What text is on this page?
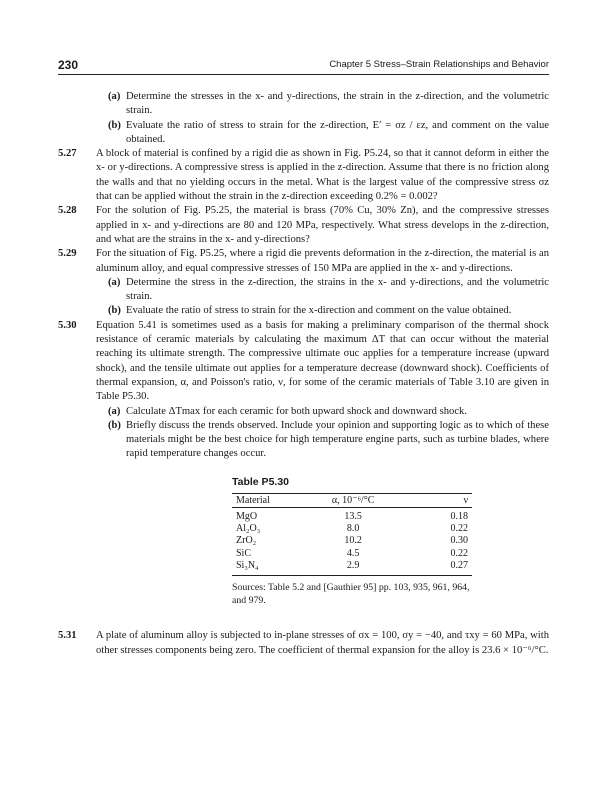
230	Chapter 5 Stress–Strain Relationships and Behavior
(a) Determine the stresses in the x- and y-directions, the strain in the z-direction, and the volumetric strain.

(b) Evaluate the ratio of stress to strain for the z-direction, E′ = σz / εz, and comment on the value obtained.

5.27 A block of material is confined by a rigid die as shown in Fig. P5.24, so that it cannot deform in either the x- or y-directions. A compressive stress is applied in the z-direction. Assume that there is no friction along the walls and that no yielding occurs in the metal. What is the largest value of the compressive stress σz that can be applied without the strain in the z-direction exceeding 0.2% = 0.002?

5.28 For the solution of Fig. P5.25, the material is brass (70% Cu, 30% Zn), and the compressive stresses applied in x- and y-directions are 80 and 120 MPa, respectively. What stress develops in the z-direction, and what are the strains in the x- and y-directions?

5.29 For the situation of Fig. P5.25, where a rigid die prevents deformation in the z-direction, the material is an aluminum alloy, and equal compressive stresses of 150 MPa are applied in the x- and y-directions.

(a) Determine the stress in the z-direction, the strains in the x- and y-directions, and the volumetric strain.

(b) Evaluate the ratio of stress to strain for the x-direction and comment on the value obtained.

5.30 Equation 5.41 is sometimes used as a basis for making a preliminary comparison of the thermal shock resistance of ceramic materials by calculating the maximum ΔT that can occur without the material reaching its ultimate strength. The compressive ultimate σuc applies for a temperature increase (upward shock), and the tensile ultimate σut applies for a temperature decrease (downward shock). Coefficients of thermal expansion, α, and Poisson's ratio, ν, for some of the ceramic materials of Table 3.10 are given in Table P5.30.

(a) Calculate ΔTmax for each ceramic for both upward shock and downward shock.

(b) Briefly discuss the trends observed. Include your opinion and supporting logic as to which of these materials might be the best choice for high temperature engine parts, such as turbine blades, where rapid temperature changes occur.

Table P5.30
Material	α, 10⁻⁶/°C	ν
MgO	13.5	0.18
Al₂O₃	8.0	0.22
ZrO₂	10.2	0.30
SiC	4.5	0.22
Si₃N₄	2.9	0.27
Sources: Table 5.2 and [Gauthier 95] pp. 103, 935, 961, 964, and 979.
5.31 A plate of aluminum alloy is subjected to in-plane stresses of σx = 100, σy = −40, and τxy = 60 MPa, with other stresses components being zero. The coefficient of thermal expansion for the alloy is 23.6 × 10⁻⁶/°C.
